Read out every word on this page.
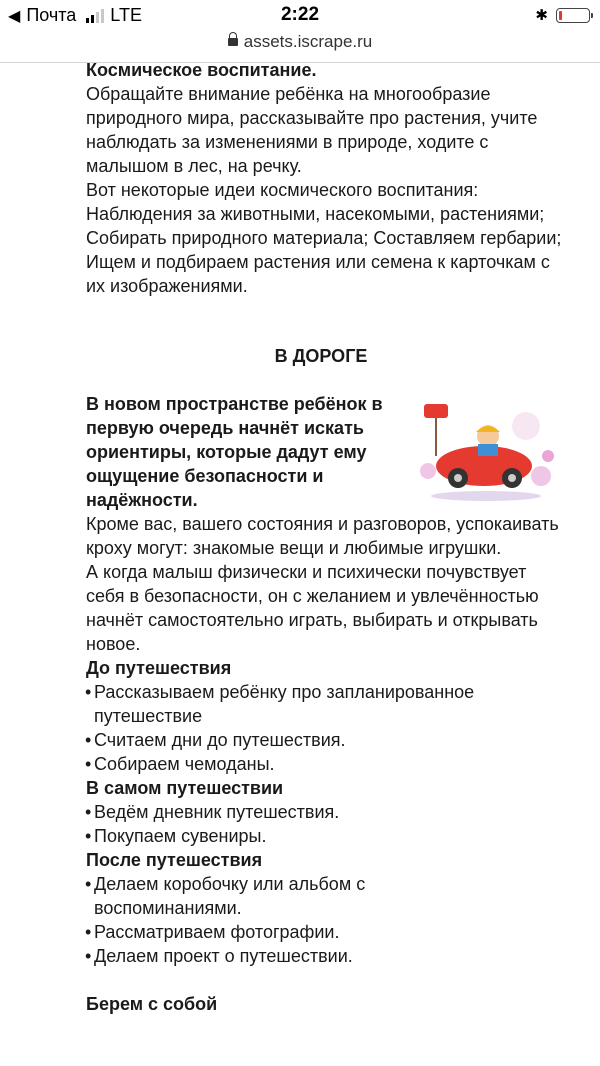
◀ Почта LTE	2:22	✱
assets.iscrape.ru

Космическое воспитание.

Обращайте внимание ребёнка на многообразие природного мира, рассказывайте про растения, учите наблюдать за изменениями в природе, ходите с малышом в лес, на речку.

Вот некоторые идеи космического воспитания: Наблюдения за животными, насекомыми, растениями; Собирать природного материала; Составляем гербарии; Ищем и подбираем растения или семена к карточкам с их изображениями.

В ДОРОГЕ

В новом пространстве ребёнок в первую очередь начнёт искать ориентиры, которые дадут ему ощущение безопасности и надёжности.

Кроме вас, вашего состояния и разговоров, успокаивать кроху могут: знакомые вещи и любимые игрушки.

А когда малыш физически и психически почувствует себя в безопасности, он с желанием и увлечённостью начнёт самостоятельно играть, выбирать и открывать новое.

До путешествия

• Рассказываем ребёнку про запланированное путешествие
• Считаем дни до путешествия.
• Собираем чемоданы.

В самом путешествии

• Ведём дневник путешествия.
• Покупаем сувениры.

После путешествия

• Делаем коробочку или альбом с воспоминаниями.
• Рассматриваем фотографии.
• Делаем проект о путешествии.

Берем с собой
